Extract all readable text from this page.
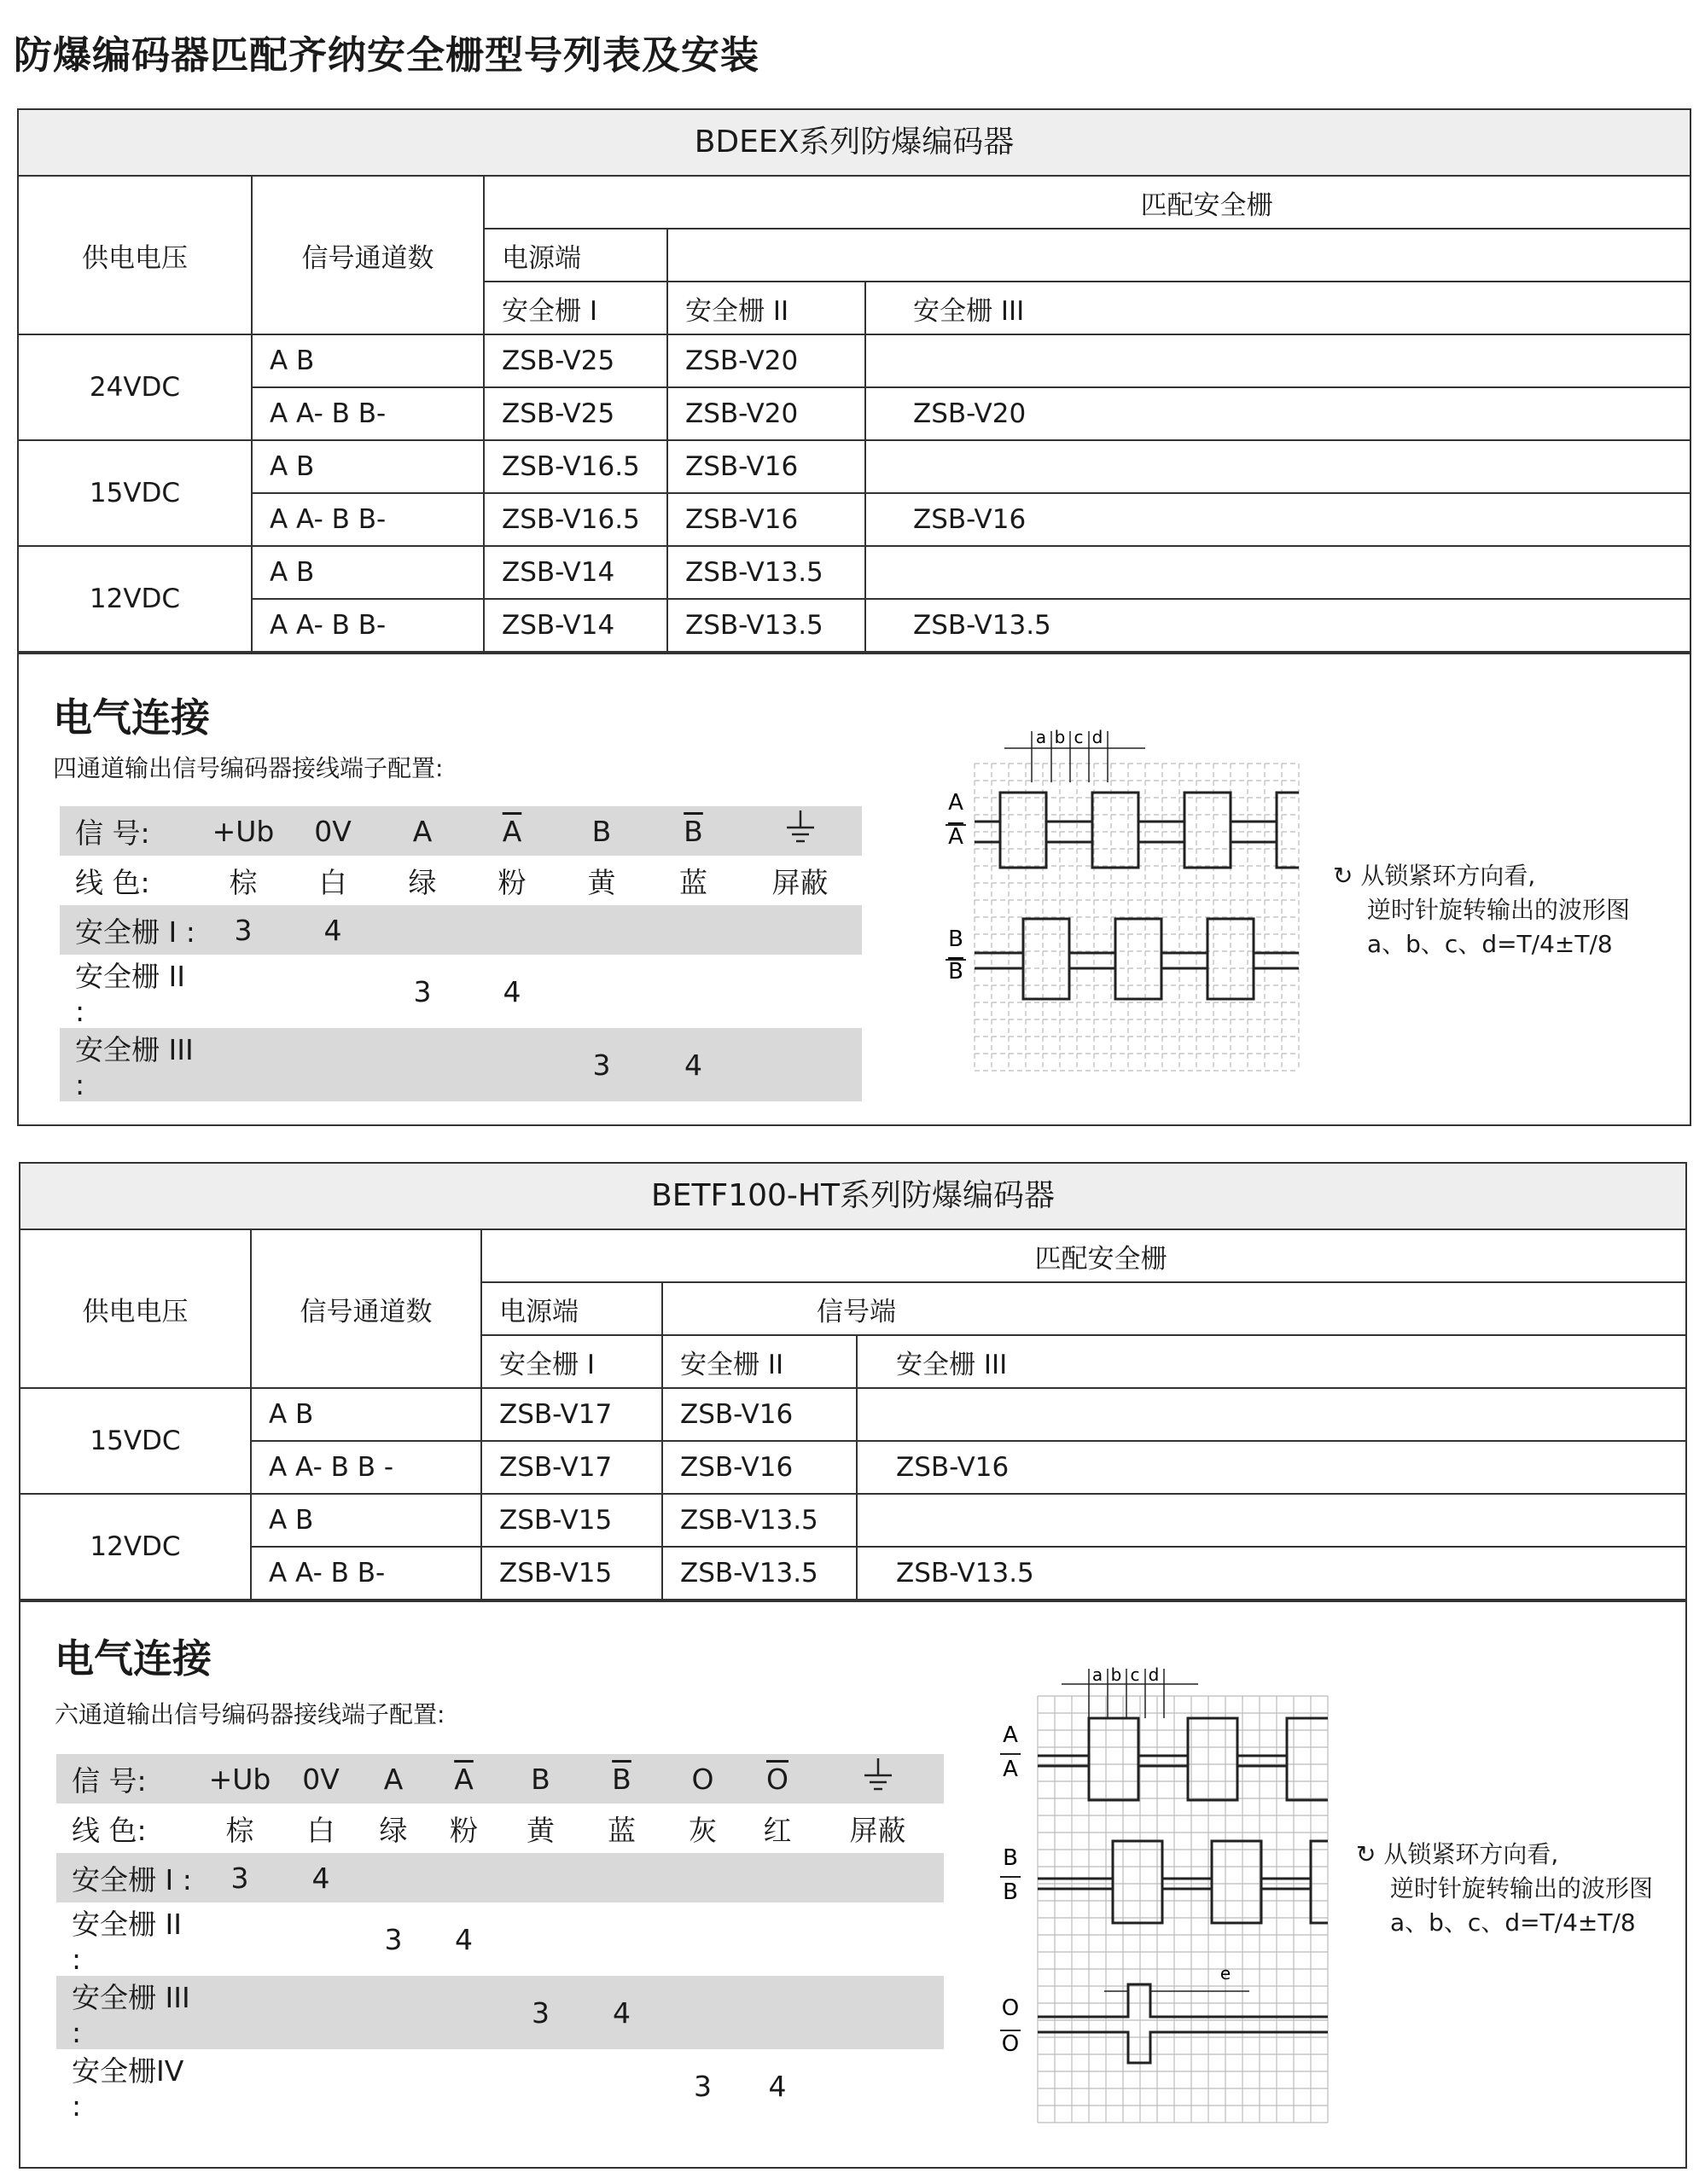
防爆编码器匹配齐纳安全栅型号列表及安装
BDEEX系列防爆编码器
供电电压	信号通道数	匹配安全栅		
		电源端		
		安全栅 I	安全栅 II	安全栅 III
24VDC	A B	ZSB-V25	ZSB-V20	
	A A- B B-	ZSB-V25	ZSB-V20	ZSB-V20
15VDC	A B	ZSB-V16.5	ZSB-V16	
	A A- B B-	ZSB-V16.5	ZSB-V16	ZSB-V16
12VDC	A B	ZSB-V14	ZSB-V13.5	
	A A- B B-	ZSB-V14	ZSB-V13.5	ZSB-V13.5
电气连接
四通道输出信号编码器接线端子配置:
信 号:	+Ub	0V	A	$\overline{A}$	B	$\overline{B}$	
线 色:	棕	白	绿	粉	黄	蓝	屏蔽
安全栅 I :	3	4					
安全栅 II :			3	4			
安全栅 III :					3	4	
a b c d
A
A
B
B
↻ 从锁紧环方向看,
逆时针旋转输出的波形图
a、b、c、d=T/4±T/8
BETF100-HT系列防爆编码器
供电电压	信号通道数	匹配安全栅		
		电源端	信号端	
		安全栅 I	安全栅 II	安全栅 III
15VDC	A B	ZSB-V17	ZSB-V16	
	A A- B B -	ZSB-V17	ZSB-V16	ZSB-V16
12VDC	A B	ZSB-V15	ZSB-V13.5	
	A A- B B-	ZSB-V15	ZSB-V13.5	ZSB-V13.5
电气连接
六通道输出信号编码器接线端子配置:
信 号:	+Ub	0V	A	$\overline{A}$	B	$\overline{B}$	O	$\overline{O}$	
线 色:	棕	白	绿	粉	黄	蓝	灰	红	屏蔽
安全栅 I :	3	4							
安全栅 II :			3	4					
安全栅 III :					3	4			
安全栅IV :							3	4	
a b c d
e
A
A
B
B
O
O
↻ 从锁紧环方向看,
逆时针旋转输出的波形图
a、b、c、d=T/4±T/8
